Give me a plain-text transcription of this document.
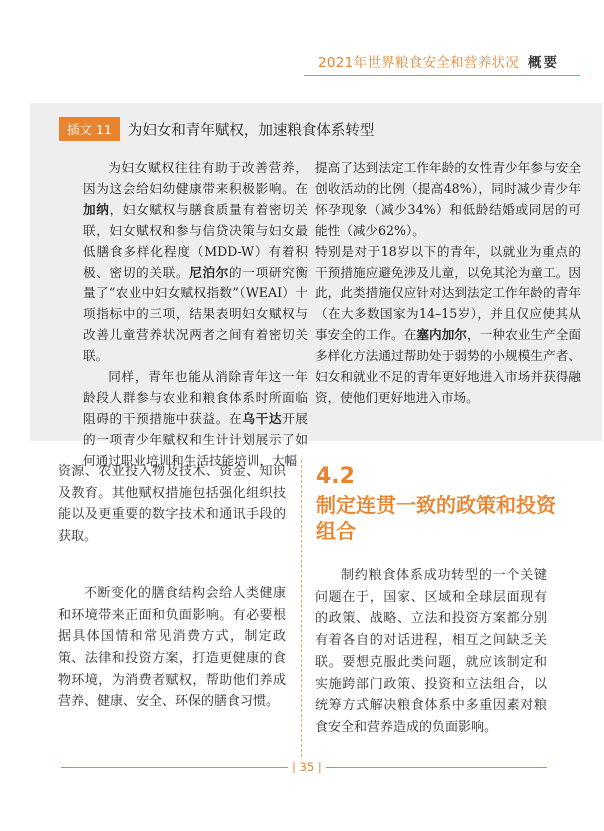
2021年世界粮食安全和营养状况 概要
插文 11 为妇女和青年赋权，加速粮食体系转型

为妇女赋权往往有助于改善营养，因为这会给妇幼健康带来积极影响。在加纳，妇女赋权与膳食质量有着密切关联，妇女赋权和参与信贷决策与妇女最低膳食多样化程度（MDD-W）有着积极、密切的关联。尼泊尔的一项研究衡量了“农业中妇女赋权指数”（WEAI）十项指标中的三项，结果表明妇女赋权与改善儿童营养状况两者之间有着密切关联。

同样，青年也能从消除青年这一年龄段人群参与农业和粮食体系时所面临阻碍的干预措施中获益。在乌干达开展的一项青少年赋权和生计计划展示了如何通过职业培训和生活技能培训，大幅

提高了达到法定工作年龄的女性青少年参与安全创收活动的比例（提高48%），同时减少青少年怀孕现象（减少34%）和低龄结婚或同居的可能性（减少62%）。

特别是对于18岁以下的青年，以就业为重点的干预措施应避免涉及儿童，以免其沦为童工。因此，此类措施仅应针对达到法定工作年龄的青年（在大多数国家为14–15岁），并且仅应使其从事安全的工作。在塞内加尔，一种农业生产全面多样化方法通过帮助处于弱势的小规模生产者、妇女和就业不足的青年更好地进入市场并获得融资，使他们更好地进入市场。

资源、农业投入物及技术、资金、知识及教育。其他赋权措施包括强化组织技能以及更重要的数字技术和通讯手段的获取。

不断变化的膳食结构会给人类健康和环境带来正面和负面影响。有必要根据具体国情和常见消费方式，制定政策、法律和投资方案，打造更健康的食物环境，为消费者赋权，帮助他们养成营养、健康、安全、环保的膳食习惯。

4.2
制定连贯一致的政策和投资组合

制约粮食体系成功转型的一个关键问题在于，国家、区域和全球层面现有的政策、战略、立法和投资方案都分别有着各自的对话进程，相互之间缺乏关联。要想克服此类问题，就应该制定和实施跨部门政策、投资和立法组合，以统筹方式解决粮食体系中多重因素对粮食安全和营养造成的负面影响。

| 35 |
